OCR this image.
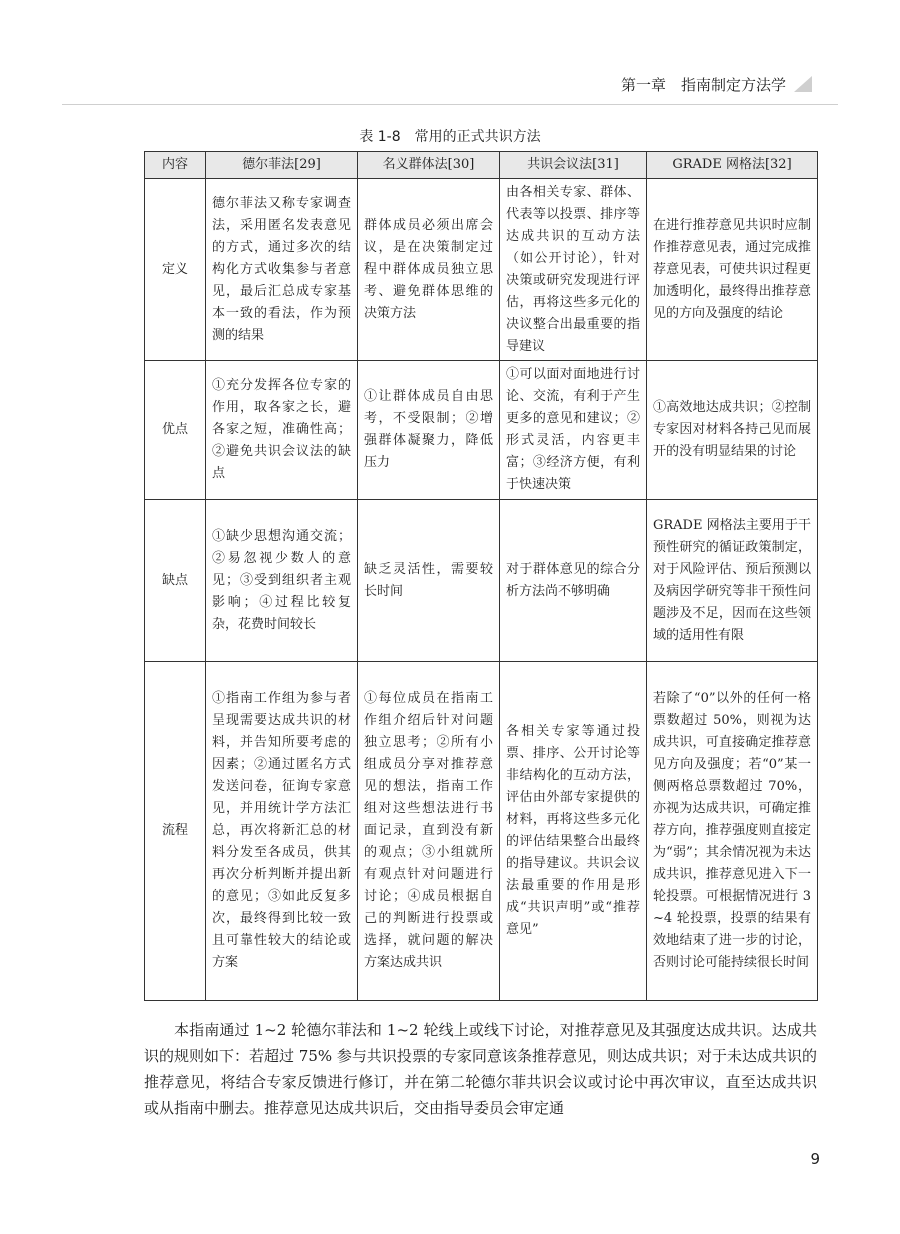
第一章　指南制定方法学
表 1-8　常用的正式共识方法
内容	德尔菲法[29]	名义群体法[30]	共识会议法[31]	GRADE 网格法[32]
定义	德尔菲法又称专家调查法，采用匿名发表意见的方式，通过多次的结构化方式收集参与者意见，最后汇总成专家基本一致的看法，作为预测的结果	群体成员必须出席会议，是在决策制定过程中群体成员独立思考、避免群体思维的决策方法	由各相关专家、群体、代表等以投票、排序等达成共识的互动方法（如公开讨论），针对决策或研究发现进行评估，再将这些多元化的决议整合出最重要的指导建议	在进行推荐意见共识时应制作推荐意见表，通过完成推荐意见表，可使共识过程更加透明化，最终得出推荐意见的方向及强度的结论
优点	①充分发挥各位专家的作用，取各家之长，避各家之短，准确性高；②避免共识会议法的缺点	①让群体成员自由思考，不受限制；②增强群体凝聚力，降低压力	①可以面对面地进行讨论、交流，有利于产生更多的意见和建议；②形式灵活，内容更丰富；③经济方便，有利于快速决策	①高效地达成共识；②控制专家因对材料各持己见而展开的没有明显结果的讨论
缺点	①缺少思想沟通交流；②易忽视少数人的意见；③受到组织者主观影响；④过程比较复杂，花费时间较长	缺乏灵活性，需要较长时间	对于群体意见的综合分析方法尚不够明确	GRADE 网格法主要用于干预性研究的循证政策制定，对于风险评估、预后预测以及病因学研究等非干预性问题涉及不足，因而在这些领域的适用性有限
流程	①指南工作组为参与者呈现需要达成共识的材料，并告知所要考虑的因素；②通过匿名方式发送问卷，征询专家意见，并用统计学方法汇总，再次将新汇总的材料分发至各成员，供其再次分析判断并提出新的意见；③如此反复多次，最终得到比较一致且可靠性较大的结论或方案	①每位成员在指南工作组介绍后针对问题独立思考；②所有小组成员分享对推荐意见的想法，指南工作组对这些想法进行书面记录，直到没有新的观点；③小组就所有观点针对问题进行讨论；④成员根据自己的判断进行投票或选择，就问题的解决方案达成共识	各相关专家等通过投票、排序、公开讨论等非结构化的互动方法，评估由外部专家提供的材料，再将这些多元化的评估结果整合出最终的指导建议。共识会议法最重要的作用是形成“共识声明”或“推荐意见”	若除了“0”以外的任何一格票数超过 50%，则视为达成共识，可直接确定推荐意见方向及强度；若“0”某一侧两格总票数超过 70%，亦视为达成共识，可确定推荐方向，推荐强度则直接定为“弱”；其余情况视为未达成共识，推荐意见进入下一轮投票。可根据情况进行 3~4 轮投票，投票的结果有效地结束了进一步的讨论，否则讨论可能持续很长时间

本指南通过 1~2 轮德尔菲法和 1~2 轮线上或线下讨论，对推荐意见及其强度达成共识。达成共识的规则如下：若超过 75% 参与共识投票的专家同意该条推荐意见，则达成共识；对于未达成共识的推荐意见，将结合专家反馈进行修订，并在第二轮德尔菲共识会议或讨论中再次审议，直至达成共识或从指南中删去。推荐意见达成共识后，交由指导委员会审定通

9
